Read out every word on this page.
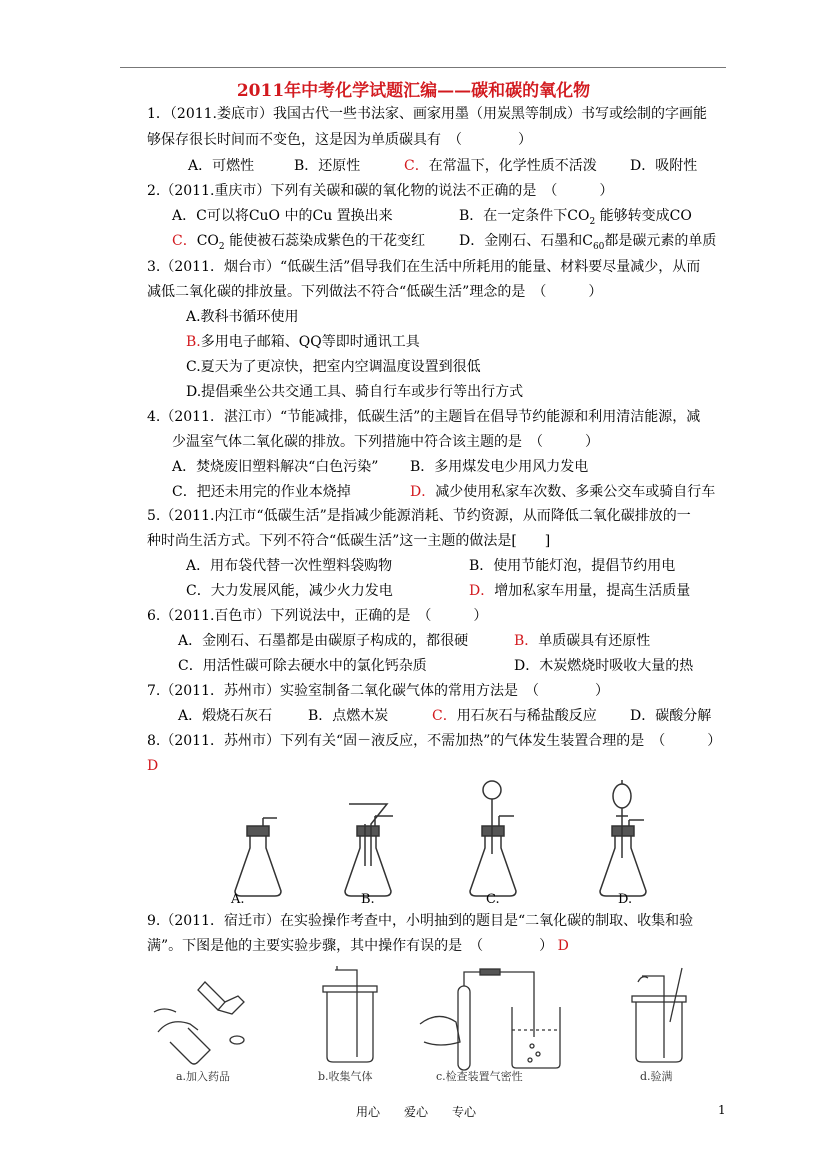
2011年中考化学试题汇编——碳和碳的氧化物
1．（2011.娄底市）我国古代一些书法家、画家用墨（用炭黑等制成）书写或绘制的字画能
够保存很长时间而不变色，这是因为单质碳具有　（　　　　）
A．可燃性	B．还原性	C．在常温下，化学性质不活泼 D．吸附性
2.（2011.重庆市）下列有关碳和碳的氧化物的说法不正确的是　（　　　）
A．C可以将CuO 中的Cu 置换出来	B．在一定条件下$CO_2$ 能够转变成CO
C．$CO_2$ 能使被石蕊染成紫色的干花变红 D．金刚石、石墨和$C_{60}$都是碳元素的单质
3.（2011．烟台市）“低碳生活”倡导我们在生活中所耗用的能量、材料要尽量减少，从而
减低二氧化碳的排放量。下列做法不符合“低碳生活”理念的是　（　　　）
A.教科书循环使用
B.多用电子邮箱、QQ等即时通讯工具
C.夏天为了更凉快，把室内空调温度设置到很低
D.提倡乘坐公共交通工具、骑自行车或步行等出行方式
4.（2011．湛江市）“节能减排，低碳生活”的主题旨在倡导节约能源和利用清洁能源，减
少温室气体二氧化碳的排放。下列措施中符合该主题的是　（　　　）
A．焚烧废旧塑料解决“白色污染” B．多用煤发电少用风力发电
C．把还未用完的作业本烧掉	D．减少使用私家车次数、多乘公交车或骑自行车
5.（2011.内江市“低碳生活”是指减少能源消耗、节约资源，从而降低二氧化碳排放的一
种时尚生活方式。下列不符合“低碳生活”这一主题的做法是[　　]
A．用布袋代替一次性塑料袋购物	B．使用节能灯泡，提倡节约用电
C．大力发展风能，减少火力发电	D．增加私家车用量，提高生活质量
6.（2011.百色市）下列说法中，正确的是　（　　　）
A．金刚石、石墨都是由碳原子构成的，都很硬	B．单质碳具有还原性
C．用活性碳可除去硬水中的氯化钙杂质	D．木炭燃烧时吸收大量的热
7.（2011．苏州市）实验室制备二氧化碳气体的常用方法是　（　　　　）
A．煅烧石灰石	B．点燃木炭	C．用石灰石与稀盐酸反应 D．碳酸分解
8.（2011．苏州市）下列有关“固－液反应，不需加热”的气体发生装置合理的是　（　　　）
D
A.	B.	C.	D.
9.（2011．宿迁市）在实验操作考查中，小明抽到的题目是“二氧化碳的制取、收集和验
满”。下图是他的主要实验步骤，其中操作有误的是　（　　　　） D
a.加入药品	b.收集气体	c.检查装置气密性	d.验满
用心　　爱心　　专心	1
